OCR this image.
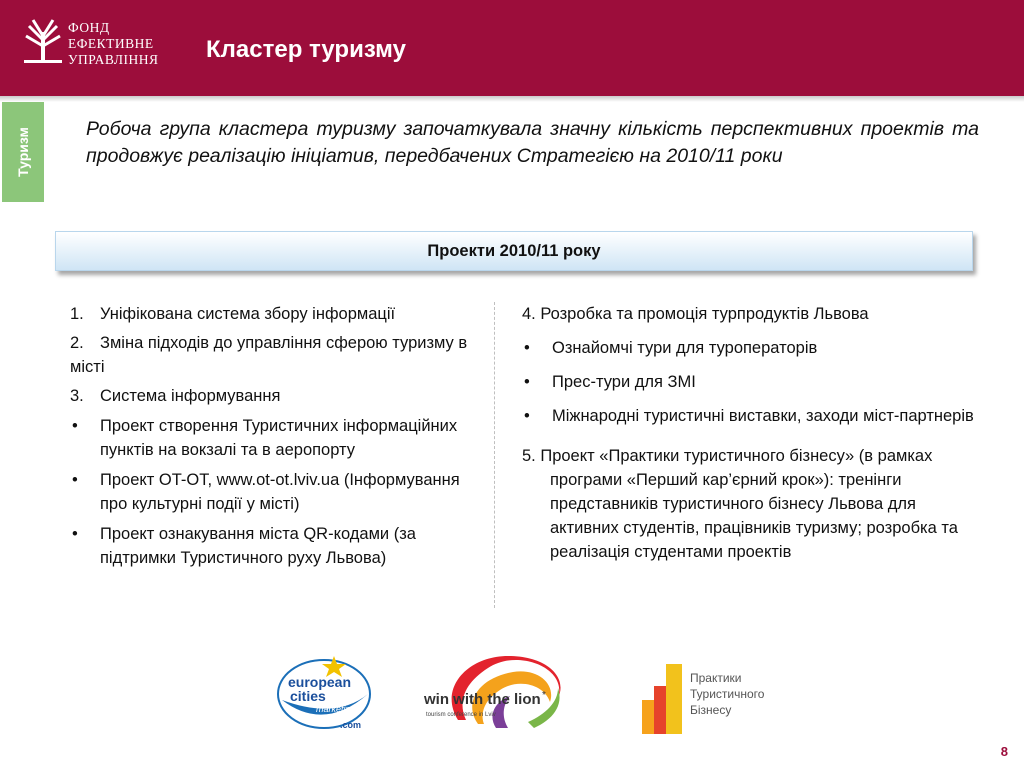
ФОНД
ЕФЕКТИВНЕ
УПРАВЛІННЯ Кластер туризму
Туризм	Робоча група кластера туризму започаткувала значну кількість перспективних проектів та продовжує реалізацію ініціатив, передбачених Стратегією на 2010/11 роки
Проекти 2010/11 року
1. Уніфікована система збору інформації
2. Зміна підходів до управління сферою туризму в місті
3. Система інформування
• Проект створення Туристичних інформаційних пунктів на вокзалі та в аеропорту
• Проект OT-OT, www.ot-ot.lviv.ua (Інформування про культурні події у місті)
• Проект ознакування міста QR-кодами (за підтримки Туристичного руху Львова)
4. Розробка та промоція турпродуктів Львова
• Ознайомчі тури для туроператорів
• Прес-тури для ЗМІ
• Міжнародні туристичні виставки, заходи міст-партнерів
5. Проект «Практики туристичного бізнесу» (в рамках програми «Перший кар’єрний крок»): тренінги представників туристичного бізнесу Львова для активних студентів, працівників туризму; розробка та реалізація студентами проектів
european
cities
marketing
.com
win with the lion *
tourism conference in Lviv
Практики
Туристичного
Бізнесу
8
